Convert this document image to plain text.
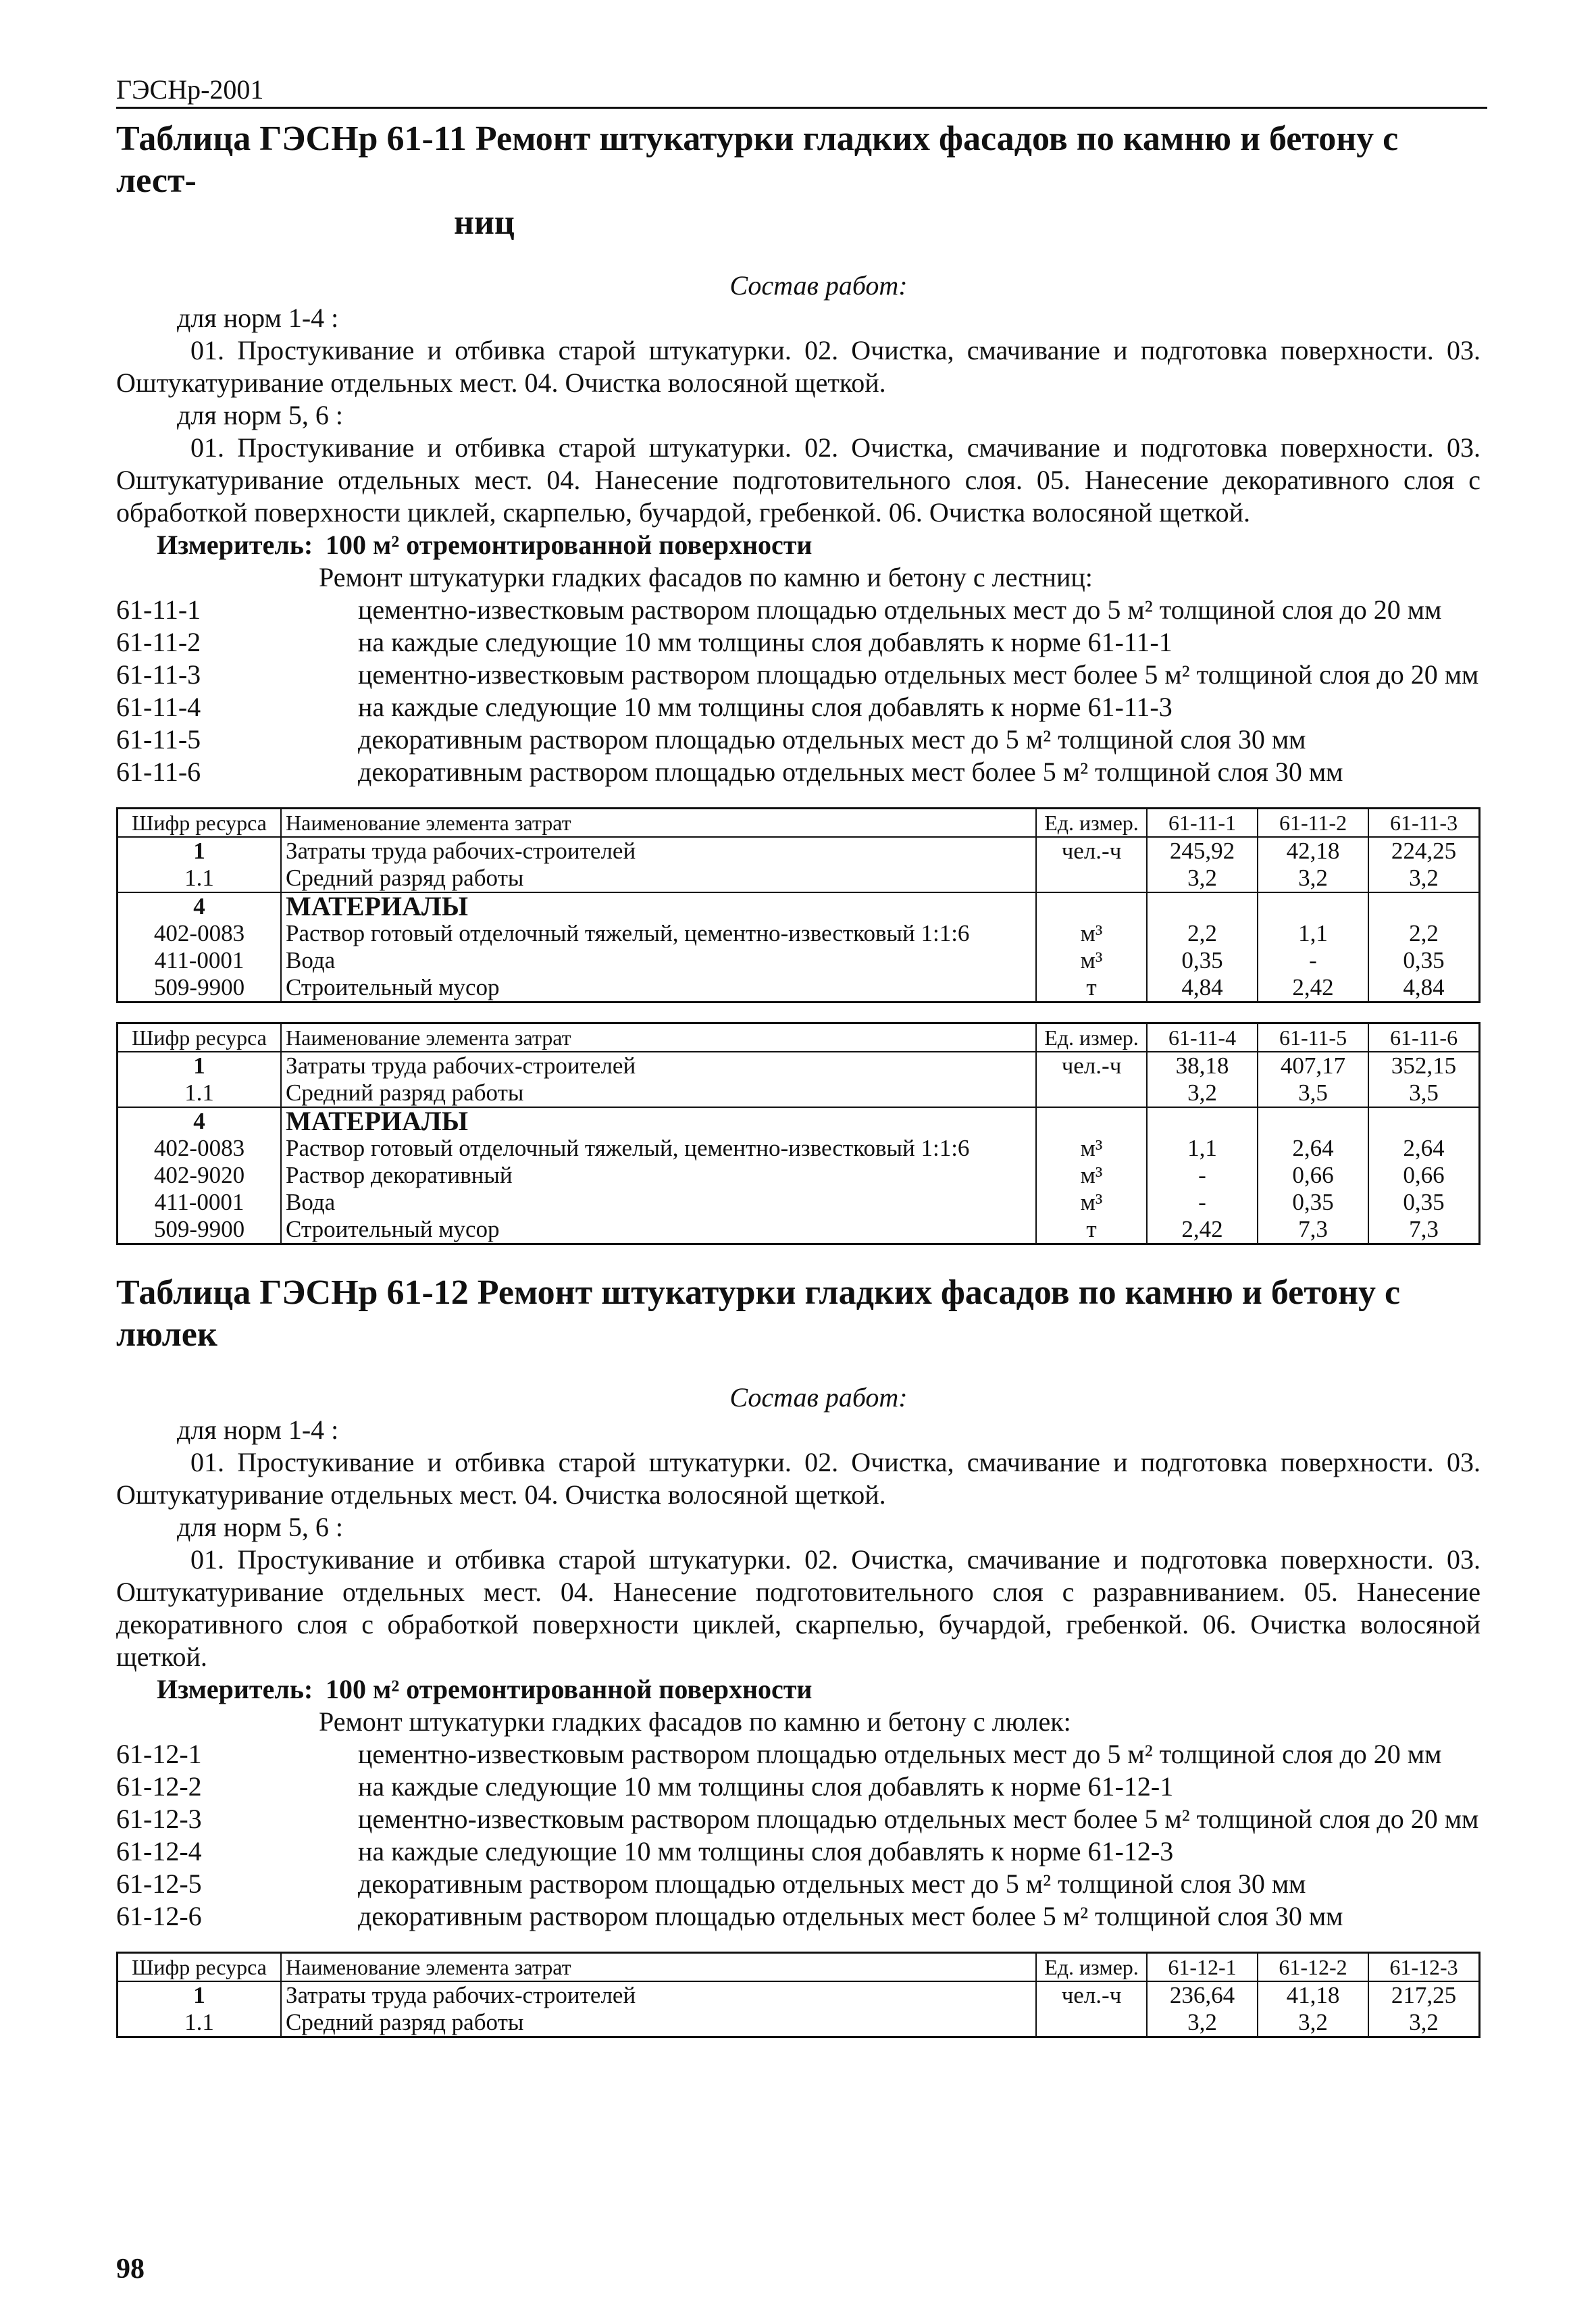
ГЭСНр-2001
Таблица ГЭСНр 61-11 Ремонт штукатурки гладких фасадов по камню и бетону с лест-
ниц
Состав работ:
для норм 1-4 :
01. Простукивание и отбивка старой штукатурки. 02. Очистка, смачивание и подготовка поверхности. 03. Оштукатуривание отдельных мест. 04. Очистка волосяной щеткой.
для норм 5, 6 :
01. Простукивание и отбивка старой штукатурки. 02. Очистка, смачивание и подготовка поверхности. 03. Оштукатуривание отдельных мест. 04. Нанесение подготовительного слоя. 05. Нанесение декоративного слоя с обработкой поверхности циклей, скарпелью, бучардой, гребенкой. 06. Очистка волосяной щеткой.
Измеритель: 100 м² отремонтированной поверхности
Ремонт штукатурки гладких фасадов по камню и бетону с лестниц:
61-11-1	цементно-известковым раствором площадью отдельных мест до 5 м² толщиной слоя до 20 мм
61-11-2	на каждые следующие 10 мм толщины слоя добавлять к норме 61-11-1
61-11-3	цементно-известковым раствором площадью отдельных мест более 5 м² толщиной слоя до 20 мм
61-11-4	на каждые следующие 10 мм толщины слоя добавлять к норме 61-11-3
61-11-5	декоративным раствором площадью отдельных мест до 5 м² толщиной слоя 30 мм
61-11-6	декоративным раствором площадью отдельных мест более 5 м² толщиной слоя 30 мм
Шифр ресурса	Наименование элемента затрат	Ед. измер.	61-11-1	61-11-2	61-11-3
1	Затраты труда рабочих-строителей	чел.-ч	245,92	42,18	224,25
1.1	Средний разряд работы		3,2	3,2	3,2
4	МАТЕРИАЛЫ				
402-0083	Раствор готовый отделочный тяжелый, цементно-известковый 1:1:6	м³	2,2	1,1	2,2
411-0001	Вода	м³	0,35	-	0,35
509-9900	Строительный мусор	т	4,84	2,42	4,84
Шифр ресурса	Наименование элемента затрат	Ед. измер.	61-11-4	61-11-5	61-11-6
1	Затраты труда рабочих-строителей	чел.-ч	38,18	407,17	352,15
1.1	Средний разряд работы		3,2	3,5	3,5
4	МАТЕРИАЛЫ				
402-0083	Раствор готовый отделочный тяжелый, цементно-известковый 1:1:6	м³	1,1	2,64	2,64
402-9020	Раствор декоративный	м³	-	0,66	0,66
411-0001	Вода	м³	-	0,35	0,35
509-9900	Строительный мусор	т	2,42	7,3	7,3
Таблица ГЭСНр 61-12 Ремонт штукатурки гладких фасадов по камню и бетону с люлек
Состав работ:
для норм 1-4 :
01. Простукивание и отбивка старой штукатурки. 02. Очистка, смачивание и подготовка поверхности. 03. Оштукатуривание отдельных мест. 04. Очистка волосяной щеткой.
для норм 5, 6 :
01. Простукивание и отбивка старой штукатурки. 02. Очистка, смачивание и подготовка поверхности. 03. Оштукатуривание отдельных мест. 04. Нанесение подготовительного слоя с разравниванием. 05. Нанесение декоративного слоя с обработкой поверхности циклей, скарпелью, бучардой, гребенкой. 06. Очистка волосяной щеткой.
Измеритель: 100 м² отремонтированной поверхности
Ремонт штукатурки гладких фасадов по камню и бетону с люлек:
61-12-1	цементно-известковым раствором площадью отдельных мест до 5 м² толщиной слоя до 20 мм
61-12-2	на каждые следующие 10 мм толщины слоя добавлять к норме 61-12-1
61-12-3	цементно-известковым раствором площадью отдельных мест более 5 м² толщиной слоя до 20 мм
61-12-4	на каждые следующие 10 мм толщины слоя добавлять к норме 61-12-3
61-12-5	декоративным раствором площадью отдельных мест до 5 м² толщиной слоя 30 мм
61-12-6	декоративным раствором площадью отдельных мест более 5 м² толщиной слоя 30 мм
Шифр ресурса	Наименование элемента затрат	Ед. измер.	61-12-1	61-12-2	61-12-3
1	Затраты труда рабочих-строителей	чел.-ч	236,64	41,18	217,25
1.1	Средний разряд работы		3,2	3,2	3,2
98
